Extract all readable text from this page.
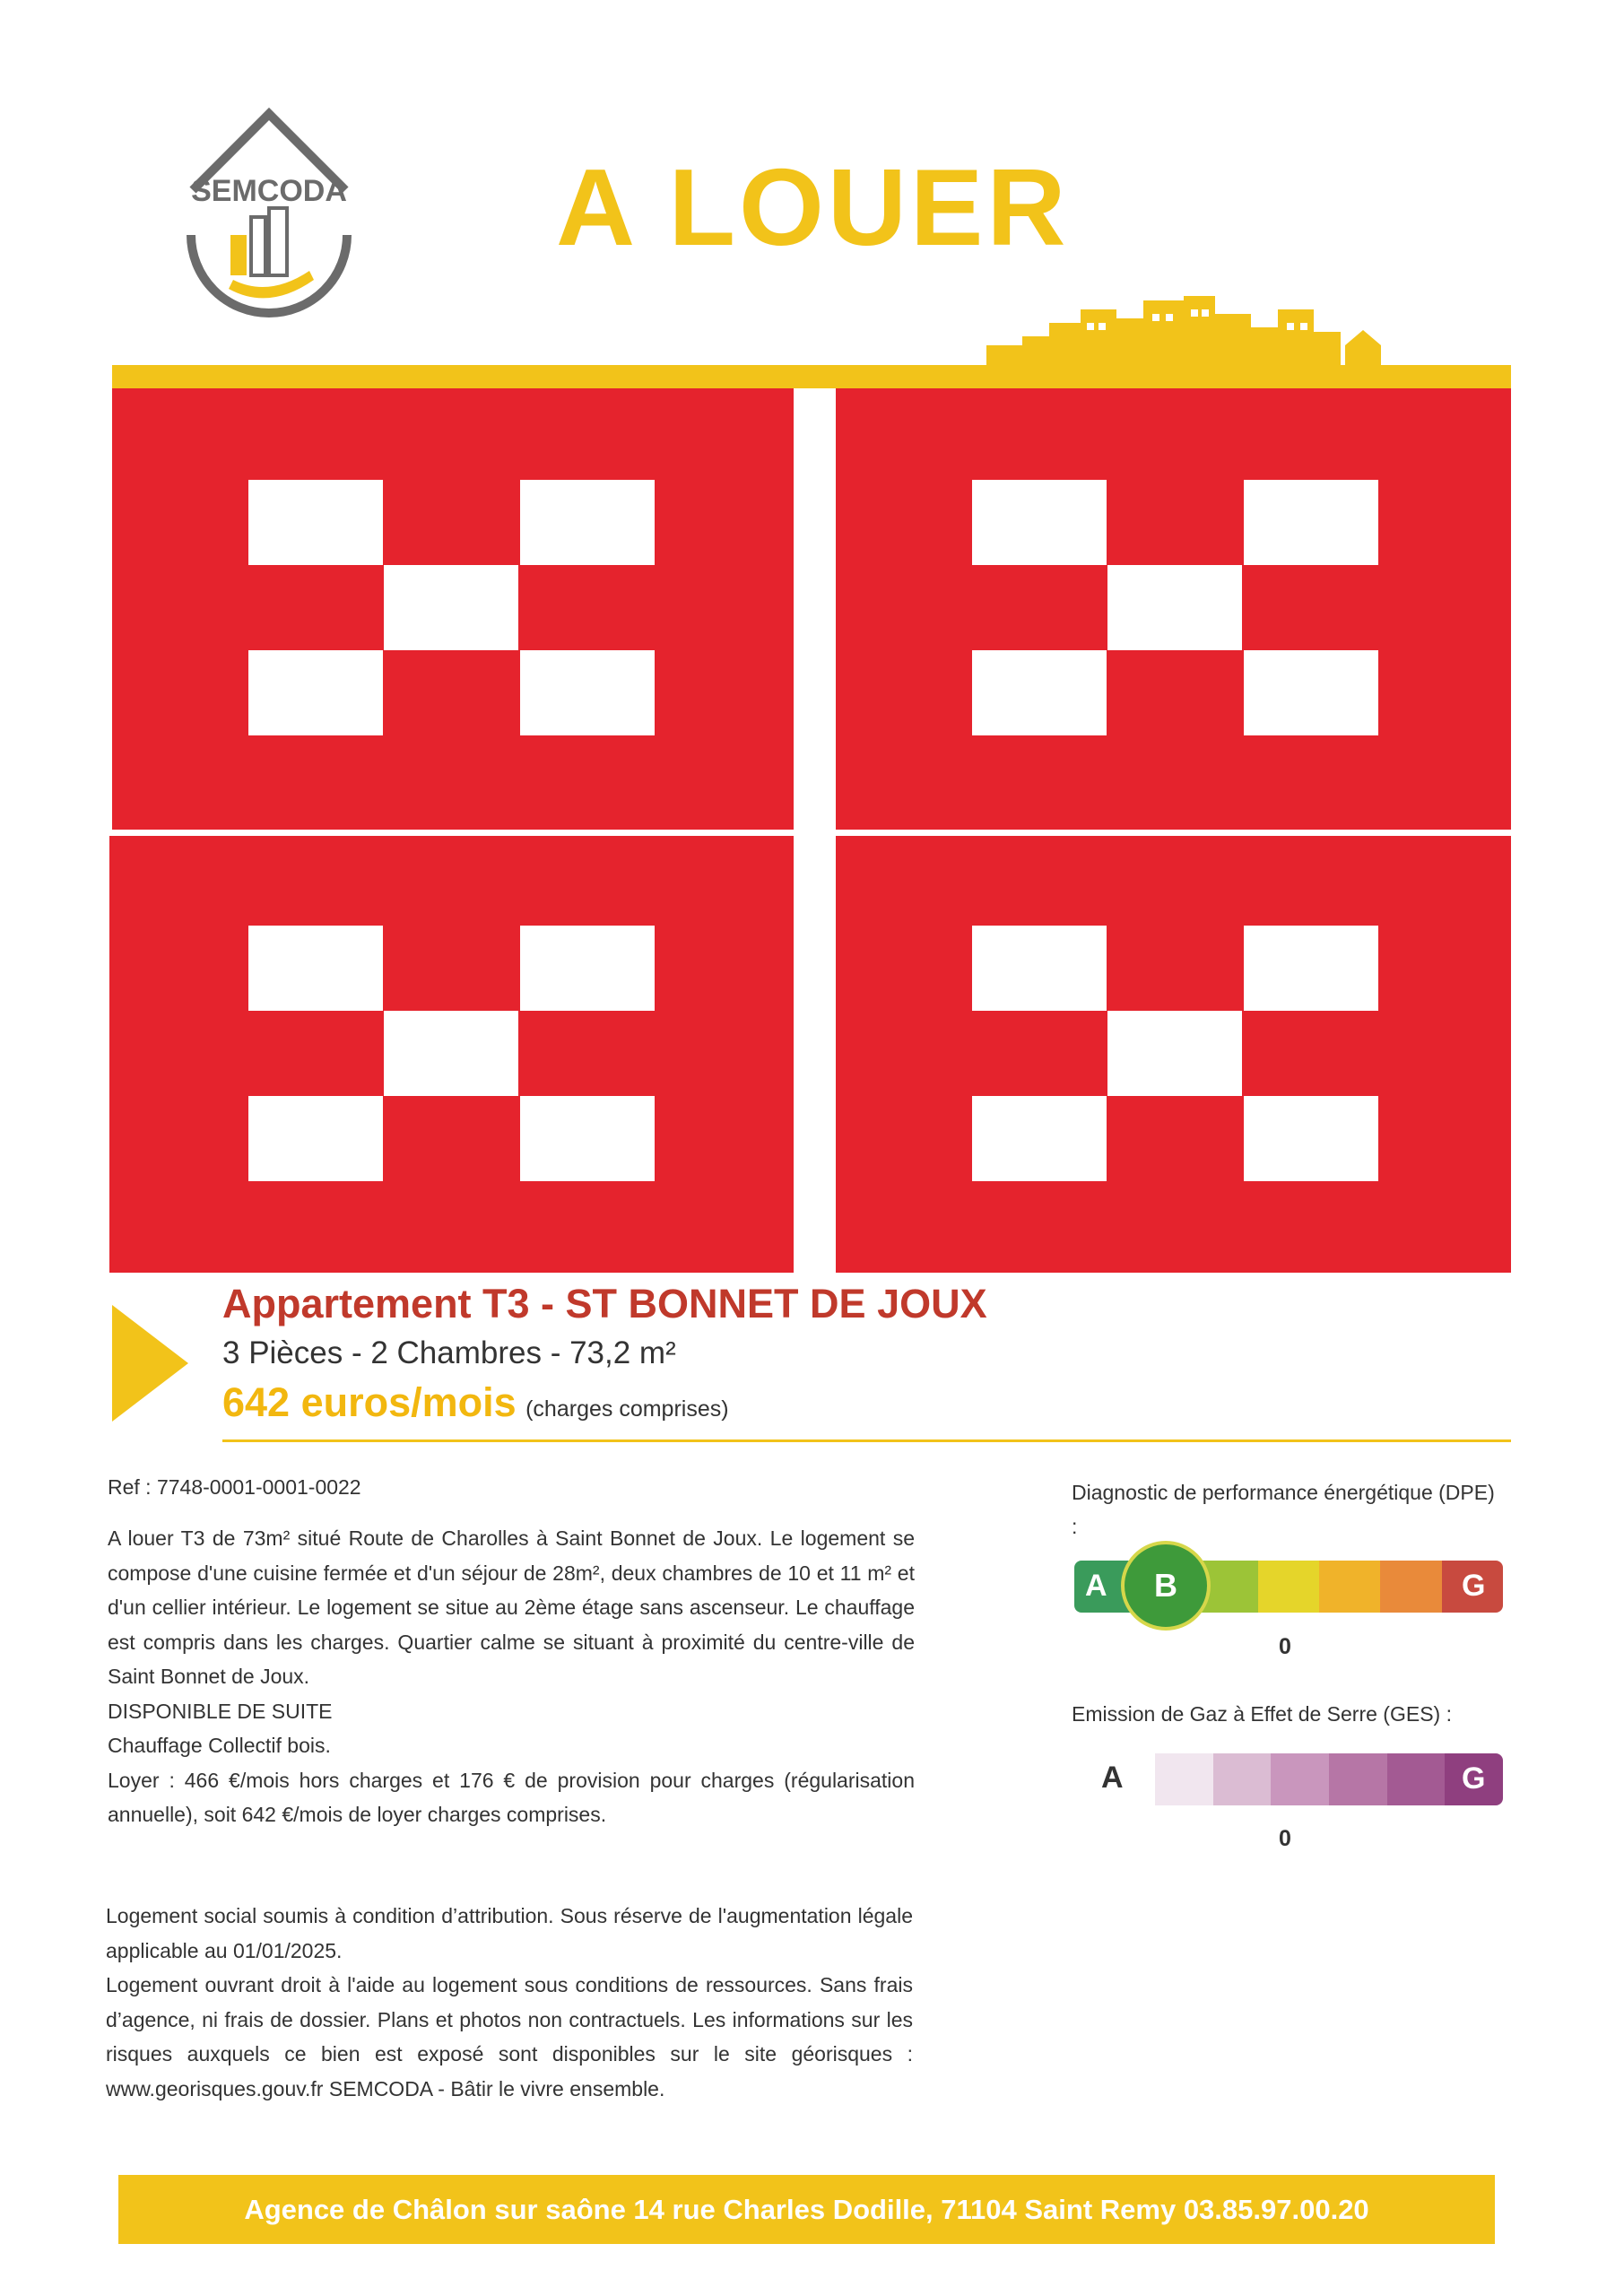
SEMCODA A LOUER
Appartement T3 - ST BONNET DE JOUX
3 Pièces - 2 Chambres - 73,2 m²
642 euros/mois (charges comprises)
Ref : 7748-0001-0001-0022

A louer T3 de 73m² situé Route de Charolles à Saint Bonnet de Joux. Le logement se compose d'une cuisine fermée et d'un séjour de 28m², deux chambres de 10 et 11 m² et d'un cellier intérieur. Le logement se situe au 2ème étage sans ascenseur. Le chauffage est compris dans les charges. Quartier calme se situant à proximité du centre-ville de Saint Bonnet de Joux.

DISPONIBLE DE SUITE

Chauffage Collectif bois.

Loyer : 466 €/mois hors charges et 176 € de provision pour charges (régularisation annuelle), soit 642 €/mois de loyer charges comprises.

Logement social soumis à condition d’attribution. Sous réserve de l'augmentation légale applicable au 01/01/2025.

Logement ouvrant droit à l'aide au logement sous conditions de ressources. Sans frais d’agence, ni frais de dossier. Plans et photos non contractuels. Les informations sur les risques auxquels ce bien est exposé sont disponibles sur le site géorisques : www.georisques.gouv.fr SEMCODA - Bâtir le vivre ensemble.

Diagnostic de performance énergétique (DPE) :
A	G
B
0
Emission de Gaz à Effet de Serre (GES) :
A	G
0
Agence de Châlon sur saône 14 rue Charles Dodille, 71104 Saint Remy 03.85.97.00.20
